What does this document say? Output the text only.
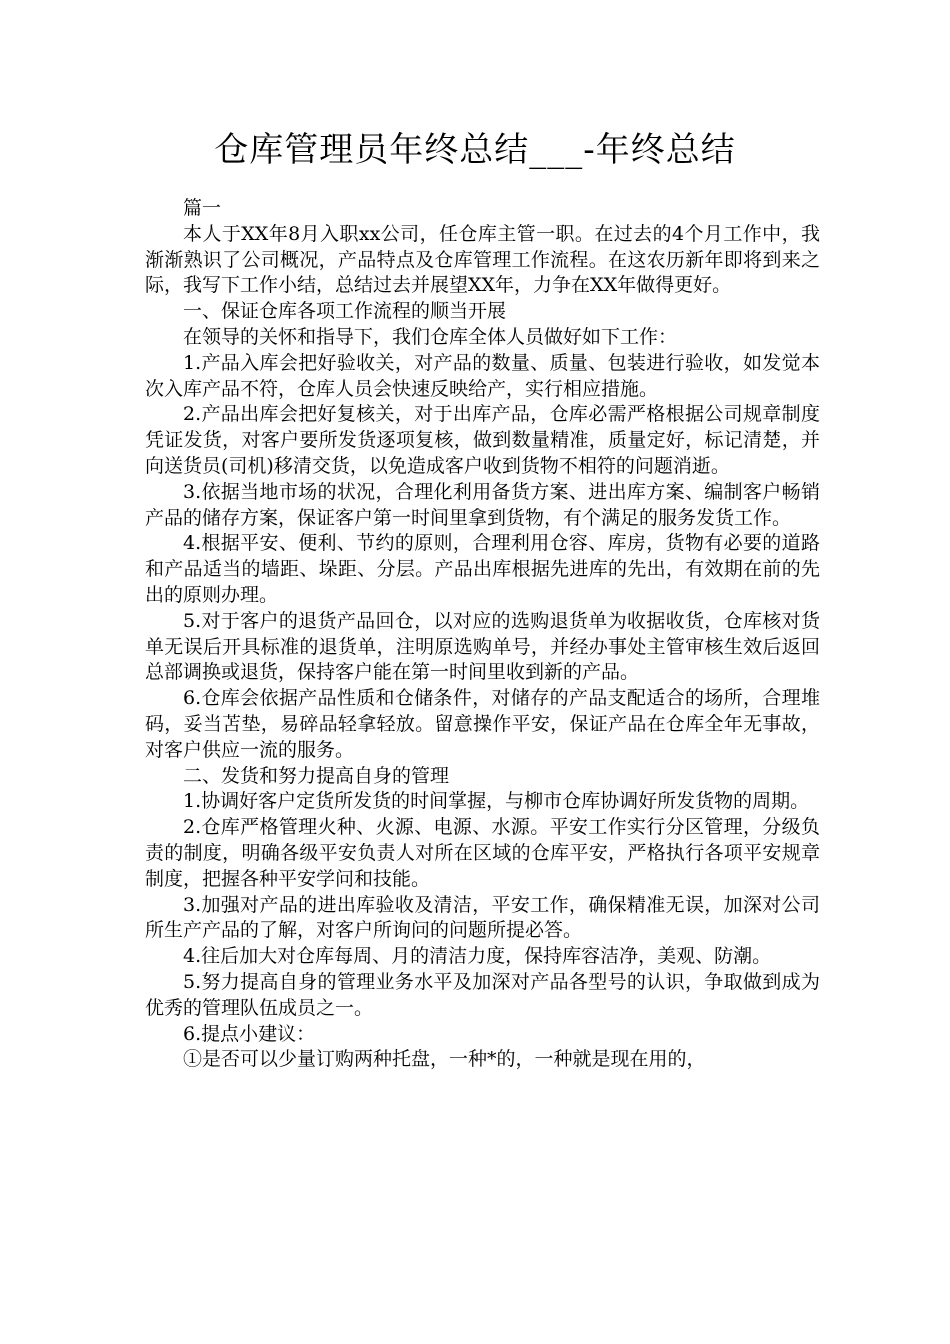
仓库管理员年终总结___-年终总结

篇一

本人于XX年8月入职xx公司，任仓库主管一职。在过去的4个月工作中，我渐渐熟识了公司概况，产品特点及仓库管理工作流程。在这农历新年即将到来之际，我写下工作小结，总结过去并展望XX年，力争在XX年做得更好。

一、保证仓库各项工作流程的顺当开展

在领导的关怀和指导下，我们仓库全体人员做好如下工作：

1.产品入库会把好验收关，对产品的数量、质量、包装进行验收，如发觉本次入库产品不符，仓库人员会快速反映给产，实行相应措施。

2.产品出库会把好复核关，对于出库产品，仓库必需严格根据公司规章制度凭证发货，对客户要所发货逐项复核，做到数量精准，质量定好，标记清楚，并向送货员(司机)移清交货，以免造成客户收到货物不相符的问题消逝。

3.依据当地市场的状况，合理化利用备货方案、进出库方案、编制客户畅销产品的储存方案，保证客户第一时间里拿到货物，有个满足的服务发货工作。

4.根据平安、便利、节约的原则，合理利用仓容、库房，货物有必要的道路和产品适当的墙距、垛距、分层。产品出库根据先进库的先出，有效期在前的先出的原则办理。

5.对于客户的退货产品回仓，以对应的选购退货单为收据收货，仓库核对货单无误后开具标准的退货单，注明原选购单号，并经办事处主管审核生效后返回总部调换或退货，保持客户能在第一时间里收到新的产品。

6.仓库会依据产品性质和仓储条件，对储存的产品支配适合的场所，合理堆码，妥当苫垫，易碎品轻拿轻放。留意操作平安，保证产品在仓库全年无事故，对客户供应一流的服务。

二、发货和努力提高自身的管理

1.协调好客户定货所发货的时间掌握，与柳市仓库协调好所发货物的周期。

2.仓库严格管理火种、火源、电源、水源。平安工作实行分区管理，分级负责的制度，明确各级平安负责人对所在区域的仓库平安，严格执行各项平安规章制度，把握各种平安学问和技能。

3.加强对产品的进出库验收及清洁，平安工作，确保精准无误，加深对公司所生产产品的了解，对客户所询问的问题所提必答。

4.往后加大对仓库每周、月的清洁力度，保持库容洁净，美观、防潮。

5.努力提高自身的管理业务水平及加深对产品各型号的认识，争取做到成为优秀的管理队伍成员之一。

6.提点小建议：

①是否可以少量订购两种托盘，一种*的，一种就是现在用的，
